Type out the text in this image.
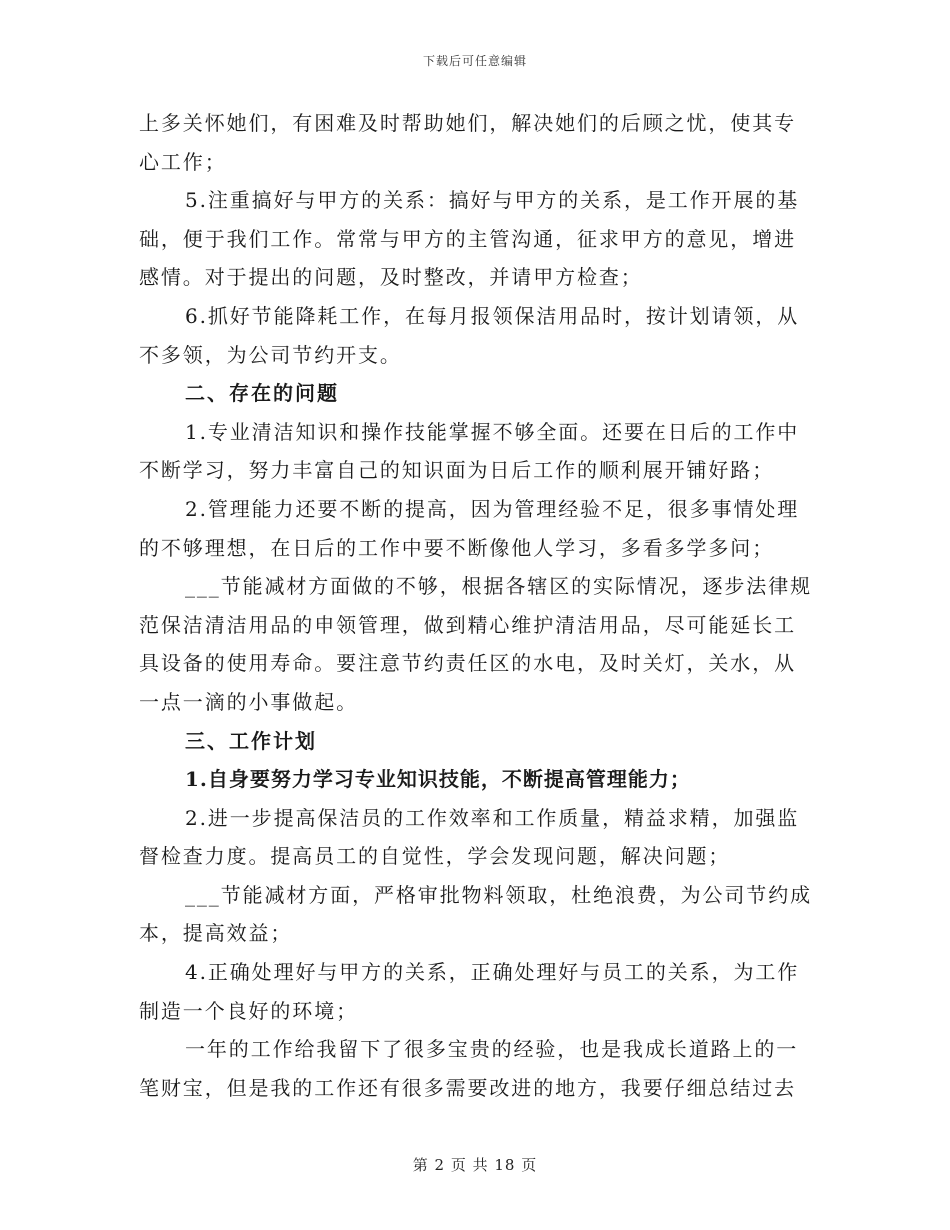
下载后可任意编辑
上多关怀她们，有困难及时帮助她们，解决她们的后顾之忧，使其专
心工作；
5.注重搞好与甲方的关系：搞好与甲方的关系，是工作开展的基
础，便于我们工作。常常与甲方的主管沟通，征求甲方的意见，增进
感情。对于提出的问题，及时整改，并请甲方检查；
6.抓好节能降耗工作，在每月报领保洁用品时，按计划请领，从
不多领，为公司节约开支。
二、存在的问题
1.专业清洁知识和操作技能掌握不够全面。还要在日后的工作中
不断学习，努力丰富自己的知识面为日后工作的顺利展开铺好路；
2.管理能力还要不断的提高，因为管理经验不足，很多事情处理
的不够理想，在日后的工作中要不断像他人学习，多看多学多问；
___节能减材方面做的不够，根据各辖区的实际情况，逐步法律规
范保洁清洁用品的申领管理，做到精心维护清洁用品，尽可能延长工
具设备的使用寿命。要注意节约责任区的水电，及时关灯，关水，从
一点一滴的小事做起。
三、工作计划
1.自身要努力学习专业知识技能，不断提高管理能力；
2.进一步提高保洁员的工作效率和工作质量，精益求精，加强监
督检查力度。提高员工的自觉性，学会发现问题，解决问题；
___节能减材方面，严格审批物料领取，杜绝浪费，为公司节约成
本，提高效益；
4.正确处理好与甲方的关系，正确处理好与员工的关系，为工作
制造一个良好的环境；
一年的工作给我留下了很多宝贵的经验，也是我成长道路上的一
笔财宝，但是我的工作还有很多需要改进的地方，我要仔细总结过去
第 2 页 共 18 页
